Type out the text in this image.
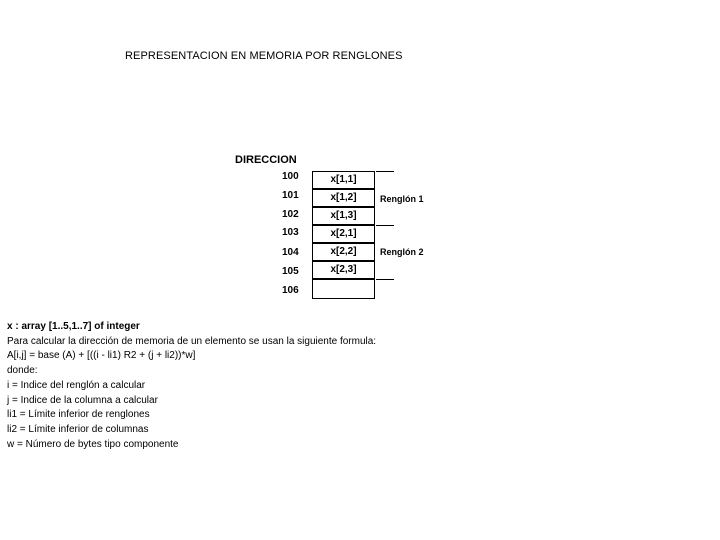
REPRESENTACION EN MEMORIA POR RENGLONES
DIRECCION
100
101
102
103
104
105
106
x[1,1]
x[1,2]
x[1,3]
x[2,1]
x[2,2]
x[2,3]
Renglón 1
Renglón 2
x : array [1..5,1..7] of integer
Para calcular la dirección de memoria de un elemento se usan la siguiente formula:
A[i,j] = base (A) + [((i - li1) R2 + (j + li2))*w]
donde:
i = Indice del renglón a calcular
j = Indice de la columna a calcular
li1 = Límite inferior de renglones
li2 = Límite inferior de columnas
w = Número de bytes tipo componente
